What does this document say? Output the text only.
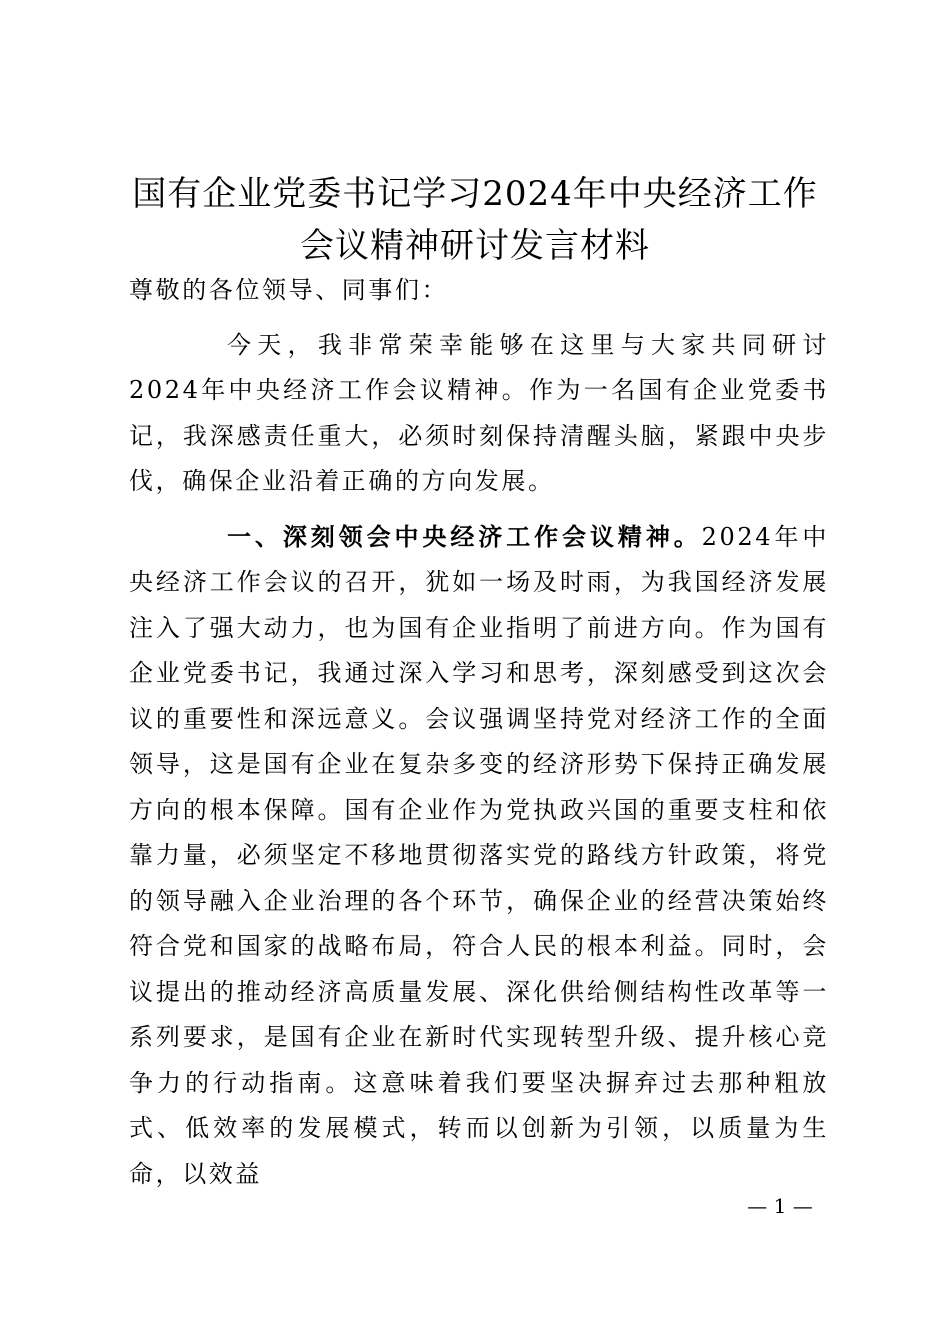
国有企业党委书记学习2024年中央经济工作
会议精神研讨发言材料

尊敬的各位领导、同事们：

今天，我非常荣幸能够在这里与大家共同研讨2024年中央经济工作会议精神。作为一名国有企业党委书记，我深感责任重大，必须时刻保持清醒头脑，紧跟中央步伐，确保企业沿着正确的方向发展。

一、深刻领会中央经济工作会议精神。2024年中央经济工作会议的召开，犹如一场及时雨，为我国经济发展注入了强大动力，也为国有企业指明了前进方向。作为国有企业党委书记，我通过深入学习和思考，深刻感受到这次会议的重要性和深远意义。会议强调坚持党对经济工作的全面领导，这是国有企业在复杂多变的经济形势下保持正确发展方向的根本保障。国有企业作为党执政兴国的重要支柱和依靠力量，必须坚定不移地贯彻落实党的路线方针政策，将党的领导融入企业治理的各个环节，确保企业的经营决策始终符合党和国家的战略布局，符合人民的根本利益。同时，会议提出的推动经济高质量发展、深化供给侧结构性改革等一系列要求，是国有企业在新时代实现转型升级、提升核心竞争力的行动指南。这意味着我们要坚决摒弃过去那种粗放式、低效率的发展模式，转而以创新为引领，以质量为生命，以效益

— 1 —
